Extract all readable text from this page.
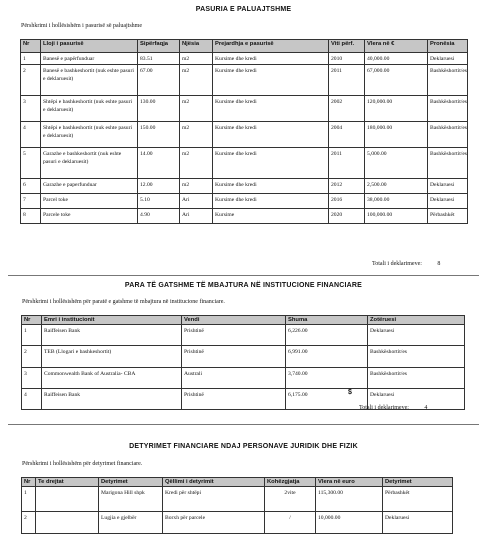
PASURIA E PALUAJTSHME
Përshkrimi i hollësishëm i pasurisë së paluajtshme
Nr	Lloji i pasurisë	Sipërfaqja	Njësia	Prejardhja e pasurisë	Viti përf.	Vlera në €	Pronësia
1	Banesë e papërfunduar	83.51	m2	Kursime dhe kredi	2010	40,000.00	Deklaruesi
2	Banesë e bashkeshortit (nuk eshte pasuri e deklaruesit)	67.00	m2	Kursime dhe kredi	2011	67,000.00	Bashkëshortit/es
3	Shtëpi e bashkeshortit (nuk eshte pasuri e deklaruesit)	130.00	m2	Kursime dhe kredi	2002	120,000.00	Bashkëshortit/es
4	Shtëpi e bashkeshortit (nuk eshte pasuri e deklaruesit)	150.00	m2	Kursime dhe kredi	2004	180,000.00	Bashkëshortit/es
5	Garazhe e bashkeshortit (nuk eshte pasuri e deklaruesit)	14.00	m2	Kursime dhe kredi	2011	5,000.00	Bashkëshortit/es
6	Garazhe e paperfunduar	12.00	m2	Kursime dhe kredi	2012	2,500.00	Deklaruesi
7	Parcel toke	5.10	Ari	Kursime dhe kredi	2016	38,000.00	Deklaruesi
8	Parcele toke	4.90	Ari	Kursime	2020	100,000.00	Përbashkët
Totali i deklarimeve:	8
PARA TË GATSHME TË MBAJTURA NË INSTITUCIONE FINANCIARE
Përshkrimi i hollësishëm për paratë e gatshme të mbajtura në institucione financiare.
Nr	Emri i institucionit	Vendi	Shuma	Zotëruesi
1	Raiffeisen Bank	Prishtinë	6,226.00	Deklaruesi
2	TEB (Llogari e bashkeshortit)	Prishtinë	6,991.00	Bashkëshortit/es
3	Commonwealth Bank of Australia- CBA	Australi	3,740.00	Bashkëshortit/es
4	Raiffeisen Bank	Prishtinë	6,175.00	Deklaruesi
$
Totali i deklarimeve:	4
DETYRIMET FINANCIARE NDAJ PERSONAVE JURIDIK DHE FIZIK
Përshkrimi i hollësishëm për detyrimet financiare.
Nr	Te drejtat	Detyrimet	Qëllimi i detyrimit	Kohëzgjatja	Vlera në euro	Detyrimet
1		Marigona Hill shpk	Kredi për shtëpi	2vite	115,300.00	Përbashkët
2		Lugjia e gjelbër	Borxh për parcele	/	10,000.00	Deklaruesi
